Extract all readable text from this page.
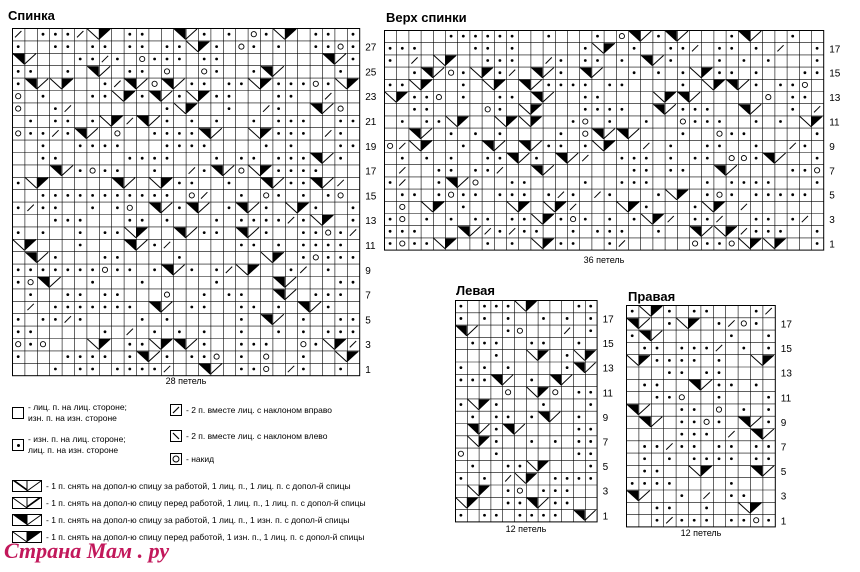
Спинка
27
25
23
21
19
17
15
13
11
9
7
5
3
1
28 петель
Верх спинки
17
15
13
11
9
7
5
3
1
36 петель
Левая
17
15
13
11
9
7
5
3
1
12 петель
Правая
17
15
13
11
9
7
5
3
1
12 петель
- лиц. п. на лиц. стороне;
изн. п. на изн. стороне
- изн. п. на лиц. стороне;
лиц. п. на изн. стороне
- 2 п. вместе лиц. с наклоном вправо
- 2 п. вместе лиц. с наклоном влево
- накид
- 1 п. снять на допол-ю спицу за работой, 1 лиц. п., 1 лиц. п. с допол-й спицы
- 1 п. снять на допол-ю спицу перед работой, 1 лиц. п., 1 лиц. п. с допол-й спицы
- 1 п. снять на допол-ю спицу за работой, 1 лиц. п., 1 изн. п. с допол-й спицы
- 1 п. снять на допол-ю спицу перед работой, 1 изн. п., 1 лиц. п. с допол-й спицы
Страна Мам . ру
